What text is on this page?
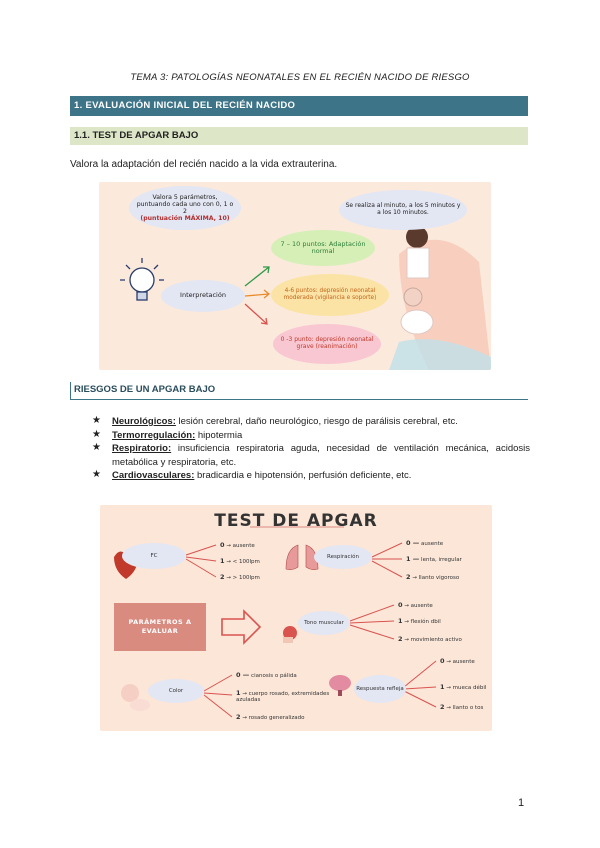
TEMA 3: PATOLOGÍAS NEONATALES EN EL RECIÉN NACIDO DE RIESGO
1. EVALUACIÓN INICIAL DEL RECIÉN NACIDO
1.1. TEST DE APGAR BAJO
Valora la adaptación del recién nacido a la vida extrauterina.
Valora 5 parámetros,
puntuando cada uno con 0, 1 o 2
(puntuación MÁXIMA, 10)
Se realiza al minuto, a los 5 minutos y a los 10 minutos.
Interpretación
7 – 10 puntos: Adaptación normal
4-6 puntos: depresión neonatal moderada (vigilancia e soporte)
0 -3 punto: depresión neonatal grave (reanimación)
RIESGOS DE UN APGAR BAJO
★ Neurológicos: lesión cerebral, daño neurológico, riesgo de parálisis cerebral, etc.
★ Termorregulación: hipotermia
★ Respiratorio: insuficiencia respiratoria aguda, necesidad de ventilación mecánica, acidosis metabólica y respiratoria, etc.
★ Cardiovasculares: bradicardia e hipotensión, perfusión deficiente, etc.
TEST DE APGAR
FC
0 → ausente
1 → < 100lpm
2 → > 100lpm
Respiración
0 — ausente
1 — lenta, irregular
2 → llanto vigoroso
PARÁMETROS A EVALUAR
Tono muscular
0 → ausente
1 → flexión dbil
2 → movimiento activo
Color
0 — cianosis o pálida
1 → cuerpo rosado, extremidades azuladas
2 → rosado generalizado
Respuesta refleja
0 → ausente
1 → mueca débil
2 → llanto o tos
1
